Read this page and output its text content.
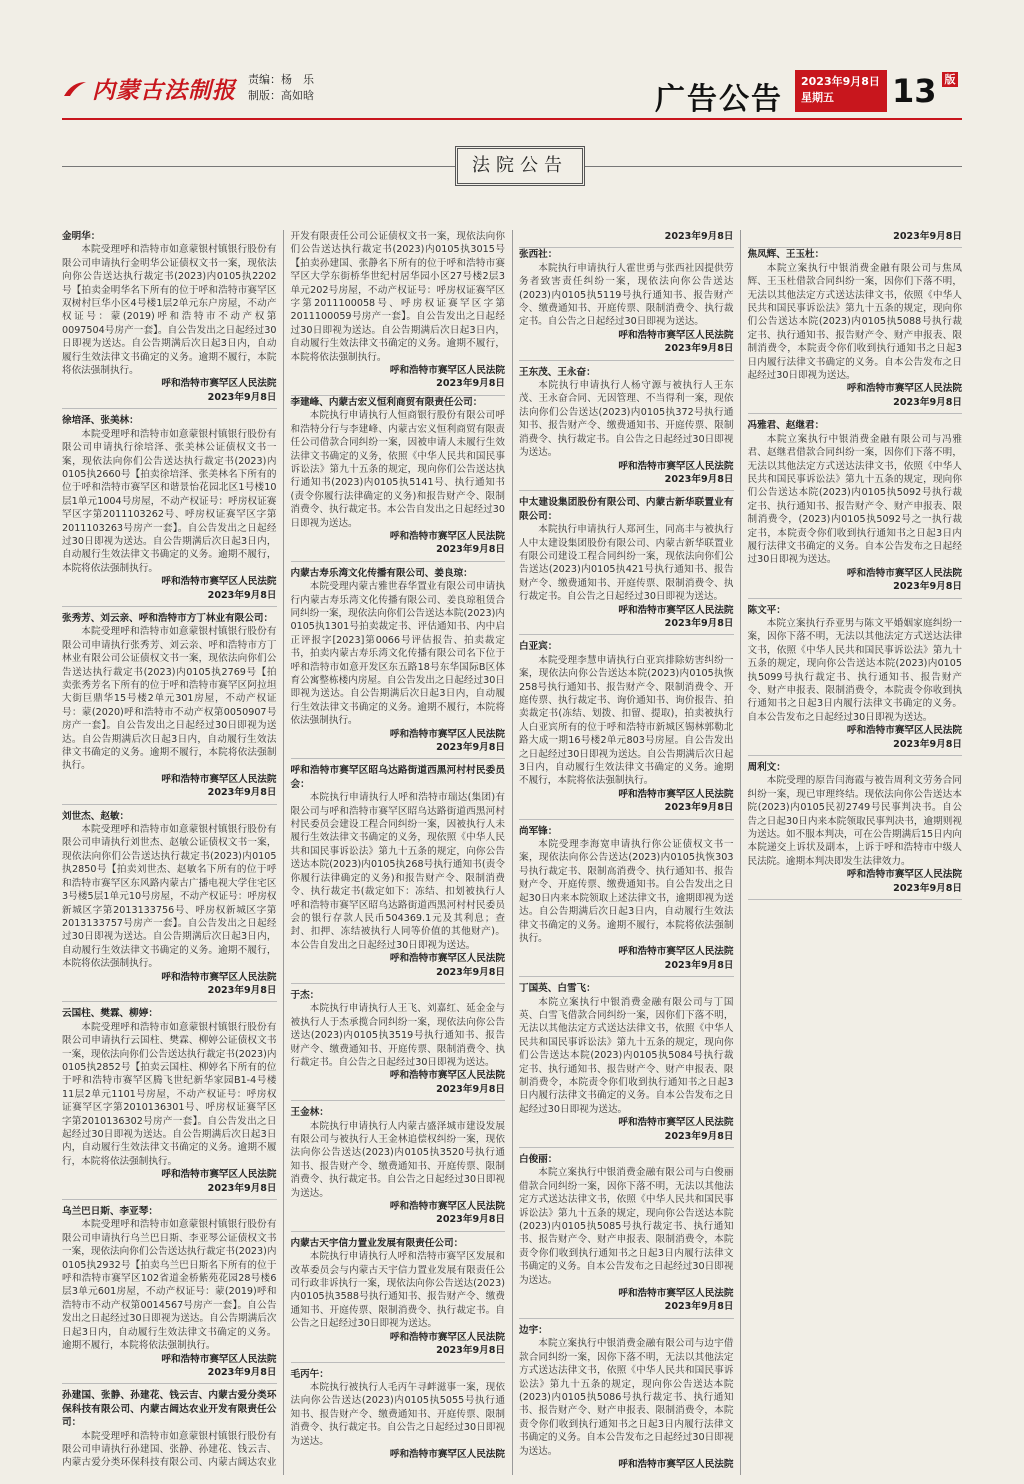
内蒙古法制报 责编：杨　乐
制版：高如晗	广告公告
2023年9月8日
星期五	13 版
法院公告
金明华：
本院受理呼和浩特市如意蒙银村镇银行股份有限公司申请执行金明华公证债权文书一案，现依法向你公告送达执行裁定书(2023)内0105执2202号【拍卖金明华名下所有的位于呼和浩特市赛罕区双树村巨华小区4号楼1层2单元东户房屋，不动产权证号：蒙(2019)呼和浩特市不动产权第0097504号房产一套】。自公告发出之日起经过30日即视为送达。自公告期满后次日起3日内，自动履行生效法律文书确定的义务。逾期不履行，本院将依法强制执行。
呼和浩特市赛罕区人民法院
2023年9月8日
徐培泽、张美林：
本院受理呼和浩特市如意蒙银村镇银行股份有限公司申请执行徐培泽、张美林公证债权文书一案，现依法向你们公告送达执行裁定书(2023)内0105执2660号【拍卖徐培泽、张美林名下所有的位于呼和浩特市赛罕区和谐景怡花园北区1号楼10层1单元1004号房屋，不动产权证号：呼房权证赛罕区字第2011103262号、呼房权证赛罕区字第2011103263号房产一套】。自公告发出之日起经过30日即视为送达。自公告期满后次日起3日内，自动履行生效法律文书确定的义务。逾期不履行，本院将依法强制执行。
呼和浩特市赛罕区人民法院
2023年9月8日
张秀芳、刘云亲、呼和浩特市方丁林业有限公司：
本院受理呼和浩特市如意蒙银村镇银行股份有限公司申请执行张秀芳、刘云亲、呼和浩特市方丁林业有限公司公证债权文书一案，现依法向你们公告送达执行裁定书(2023)内0105执2769号【拍卖张秀芳名下所有的位于呼和浩特市赛罕区阿拉坦大街巨鼎华15号楼2单元301房屋，不动产权证号：蒙(2020)呼和浩特市不动产权第0050907号房产一套】。自公告发出之日起经过30日即视为送达。自公告期满后次日起3日内，自动履行生效法律文书确定的义务。逾期不履行，本院将依法强制执行。
呼和浩特市赛罕区人民法院
2023年9月8日
刘世杰、赵敏：
本院受理呼和浩特市如意蒙银村镇银行股份有限公司申请执行刘世杰、赵敏公证债权文书一案，现依法向你们公告送达执行裁定书(2023)内0105执2850号【拍卖刘世杰、赵敏名下所有的位于呼和浩特市赛罕区东风路内蒙古广播电视大学住宅区3号楼5层1单元10号房屋，不动产权证号：呼房权新城区字第2013133756号、呼房权新城区字第2013133757号房产一套】。自公告发出之日起经过30日即视为送达。自公告期满后次日起3日内，自动履行生效法律文书确定的义务。逾期不履行，本院将依法强制执行。
呼和浩特市赛罕区人民法院
2023年9月8日
云国柱、樊霖、柳婷：
本院受理呼和浩特市如意蒙银村镇银行股份有限公司申请执行云国柱、樊霖、柳婷公证债权文书一案，现依法向你们公告送达执行裁定书(2023)内0105执2852号【拍卖云国柱、柳婷名下所有的位于呼和浩特市赛罕区腾飞世纪新华家园B1-4号楼11层2单元1101号房屋，不动产权证号：呼房权证赛罕区字第2010136301号、呼房权证赛罕区字第2010136302号房产一套】。自公告发出之日起经过30日即视为送达。自公告期满后次日起3日内，自动履行生效法律文书确定的义务。逾期不履行，本院将依法强制执行。
呼和浩特市赛罕区人民法院
2023年9月8日
乌兰巴日斯、李亚琴：
本院受理呼和浩特市如意蒙银村镇银行股份有限公司申请执行乌兰巴日斯、李亚琴公证债权文书一案，现依法向你们公告送达执行裁定书(2023)内0105执2932号【拍卖乌兰巴日斯名下所有的位于呼和浩特市赛罕区102省道金桥紫苑花园28号楼6层3单元601房屋，不动产权证号：蒙(2019)呼和浩特市不动产权第0014567号房产一套】。自公告发出之日起经过30日即视为送达。自公告期满后次日起3日内，自动履行生效法律文书确定的义务。逾期不履行，本院将依法强制执行。
呼和浩特市赛罕区人民法院
2023年9月8日
孙建国、张静、孙建花、钱云吉、内蒙古爱分类环保科技有限公司、内蒙古阔达农业开发有限责任公司：
本院受理呼和浩特市如意蒙银村镇银行股份有限公司申请执行孙建国、张静、孙建花、钱云吉、内蒙古爱分类环保科技有限公司、内蒙古阔达农业开发有限责任公司公证债权文书一案，现依法向你们公告送达执行裁定书(2023)内0105执3015号【拍卖孙建国、张静名下所有的位于呼和浩特市赛罕区大学东街桥华世纪村居华园小区27号楼2层3单元202号房屋，不动产权证号：呼房权证赛罕区字第2011100058号、呼房权证赛罕区字第2011100059号房产一套】。自公告发出之日起经过30日即视为送达。自公告期满后次日起3日内，自动履行生效法律文书确定的义务。逾期不履行，本院将依法强制执行。
呼和浩特市赛罕区人民法院
2023年9月8日
李建峰、内蒙古宏义恒利商贸有限责任公司：
本院执行申请执行人恒商银行股份有限公司呼和浩特分行与李建峰、内蒙古宏义恒利商贸有限责任公司借款合同纠纷一案，因被申请人未履行生效法律文书确定的义务，依照《中华人民共和国民事诉讼法》第九十五条的规定，现向你们公告送达执行通知书(2023)内0105执5141号、执行通知书(责令你履行法律确定的义务)和报告财产令、限制消费令、执行裁定书。本公告自发出之日起经过30日即视为送达。
呼和浩特市赛罕区人民法院
2023年9月8日
内蒙古寿乐湾文化传播有限公司、姜良琼：
本院受理内蒙古雅世春华置业有限公司申请执行内蒙古寿乐湾文化传播有限公司、姜良琼租赁合同纠纷一案，现依法向你们公告送达本院(2023)内0105执1301号拍卖裁定书、评估通知书、内中启正评报字[2023]第0066号评估报告、拍卖裁定书，拍卖内蒙古寿乐湾文化传播有限公司名下位于呼和浩特市如意开发区东五路18号东华国际B区体育公寓整栋楼内房屋。自公告发出之日起经过30日即视为送达。自公告期满后次日起3日内，自动履行生效法律文书确定的义务。逾期不履行，本院将依法强制执行。
呼和浩特市赛罕区人民法院
2023年9月8日
呼和浩特市赛罕区昭乌达路街道西黑河村村民委员会：
本院执行申请执行人呼和浩特市瑞达(集团)有限公司与呼和浩特市赛罕区昭乌达路街道西黑河村村民委员会建设工程合同纠纷一案，因被执行人未履行生效法律文书确定的义务，现依照《中华人民共和国民事诉讼法》第九十五条的规定，向你公告送达本院(2023)内0105执268号执行通知书(责令你履行法律确定的义务)和报告财产令、限制消费令、执行裁定书(裁定如下：冻结、扣划被执行人呼和浩特市赛罕区昭乌达路街道西黑河村村民委员会的银行存款人民币504369.1元及其利息；查封、扣押、冻结被执行人同等价值的其他财产)。本公告自发出之日起经过30日即视为送达。
呼和浩特市赛罕区人民法院
2023年9月8日
于杰：
本院执行申请执行人王飞、刘嘉红、延金金与被执行人于杰承揽合同纠纷一案，现依法向你公告送达(2023)内0105执3519号执行通知书、报告财产令、缴费通知书、开庭传票、限制消费令、执行裁定书。自公告之日起经过30日即视为送达。
呼和浩特市赛罕区人民法院
2023年9月8日
王金林：
本院执行申请执行人内蒙古盛泽城市建设发展有限公司与被执行人王金林追偿权纠纷一案，现依法向你公告送达(2023)内0105执3520号执行通知书、报告财产令、缴费通知书、开庭传票、限制消费令、执行裁定书。自公告之日起经过30日即视为送达。
呼和浩特市赛罕区人民法院
2023年9月8日
内蒙古天宇信力置业发展有限责任公司：
本院执行申请执行人呼和浩特市赛罕区发展和改革委员会与内蒙古天宇信力置业发展有限责任公司行政非诉执行一案，现依法向你公告送达(2023)内0105执3588号执行通知书、报告财产令、缴费通知书、开庭传票、限制消费令、执行裁定书。自公告之日起经过30日即视为送达。
呼和浩特市赛罕区人民法院
2023年9月8日
毛丙午：
本院执行被执行人毛丙午寻衅滋事一案，现依法向你公告送达(2023)内0105执5055号执行通知书、报告财产令、缴费通知书、开庭传票、限制消费令、执行裁定书。自公告之日起经过30日即视为送达。
呼和浩特市赛罕区人民法院
2023年9月8日
张西社：
本院执行申请执行人霍世勇与张西社因提供劳务者致害责任纠纷一案，现依法向你公告送达(2023)内0105执5119号执行通知书、报告财产令、缴费通知书、开庭传票、限制消费令、执行裁定书。自公告之日起经过30日即视为送达。
呼和浩特市赛罕区人民法院
2023年9月8日
王东茂、王永奋：
本院执行申请执行人杨守源与被执行人王东茂、王永奋合同、无因管理、不当得利一案，现依法向你们公告送达(2023)内0105执372号执行通知书、报告财产令、缴费通知书、开庭传票、限制消费令、执行裁定书。自公告之日起经过30日即视为送达。
呼和浩特市赛罕区人民法院
2023年9月8日
中太建设集团股份有限公司、内蒙古新华联置业有限公司：
本院执行申请执行人郑河生，同高丰与被执行人中太建设集团股份有限公司、内蒙古新华联置业有限公司建设工程合同纠纷一案，现依法向你们公告送达(2023)内0105执421号执行通知书、报告财产令、缴费通知书、开庭传票、限制消费令、执行裁定书。自公告之日起经过30日即视为送达。
呼和浩特市赛罕区人民法院
2023年9月8日
白亚宾：
本院受理李慧申请执行白亚宾排除妨害纠纷一案，现依法向你公告送达本院(2023)内0105执恢258号执行通知书、报告财产令、限制消费令、开庭传票、执行裁定书、询价通知书、询价报告、拍卖裁定书(冻结、划拨、扣留、提取)，拍卖被执行人白亚宾所有的位于呼和浩特市新城区锡林郭勒北路大成一期16号楼2单元803号房屋。自公告发出之日起经过30日即视为送达。自公告期满后次日起3日内，自动履行生效法律文书确定的义务。逾期不履行，本院将依法强制执行。
呼和浩特市赛罕区人民法院
2023年9月8日
尚军锋：
本院受理李海宽申请执行你公证债权文书一案，现依法向你公告送达(2023)内0105执恢303号执行裁定书、限制高消费令、执行通知书、报告财产令、开庭传票、缴费通知书。自公告发出之日起30日内来本院领取上述法律文书，逾期即视为送达。自公告期满后次日起3日内，自动履行生效法律文书确定的义务。逾期不履行，本院将依法强制执行。
呼和浩特市赛罕区人民法院
2023年9月8日
丁国英、白雪飞：
本院立案执行中银消费金融有限公司与丁国英、白雪飞借款合同纠纷一案，因你们下落不明，无法以其他法定方式送达法律文书，依照《中华人民共和国民事诉讼法》第九十五条的规定，现向你们公告送达本院(2023)内0105执5084号执行裁定书、执行通知书、报告财产令、财产申报表、限制消费令，本院责令你们收到执行通知书之日起3日内履行法律文书确定的义务。自本公告发布之日起经过30日即视为送达。
呼和浩特市赛罕区人民法院
2023年9月8日
白俊丽：
本院立案执行中银消费金融有限公司与白俊丽借款合同纠纷一案，因你下落不明，无法以其他法定方式送达法律文书，依照《中华人民共和国民事诉讼法》第九十五条的规定，现向你公告送达本院(2023)内0105执5085号执行裁定书、执行通知书、报告财产令、财产申报表、限制消费令，本院责令你们收到执行通知书之日起3日内履行法律文书确定的义务。自本公告发布之日起经过30日即视为送达。
呼和浩特市赛罕区人民法院
2023年9月8日
边宇：
本院立案执行中银消费金融有限公司与边宇借款合同纠纷一案，因你下落不明，无法以其他法定方式送达法律文书，依照《中华人民共和国民事诉讼法》第九十五条的规定，现向你公告送达本院(2023)内0105执5086号执行裁定书、执行通知书、报告财产令、财产申报表、限制消费令，本院责令你们收到执行通知书之日起3日内履行法律文书确定的义务。自本公告发布之日起经过30日即视为送达。
呼和浩特市赛罕区人民法院
2023年9月8日
焦凤辉、王玉杜：
本院立案执行中银消费金融有限公司与焦凤辉、王玉杜借款合同纠纷一案，因你们下落不明，无法以其他法定方式送达法律文书，依照《中华人民共和国民事诉讼法》第九十五条的规定，现向你们公告送达本院(2023)内0105执5088号执行裁定书、执行通知书、报告财产令、财产申报表、限制消费令，本院责令你们收到执行通知书之日起3日内履行法律文书确定的义务。自本公告发布之日起经过30日即视为送达。
呼和浩特市赛罕区人民法院
2023年9月8日
冯雅君、赵继君：
本院立案执行中银消费金融有限公司与冯雅君、赵继君借款合同纠纷一案，因你们下落不明，无法以其他法定方式送达法律文书，依照《中华人民共和国民事诉讼法》第九十五条的规定，现向你们公告送达本院(2023)内0105执5092号执行裁定书、执行通知书、报告财产令、财产申报表、限制消费令，(2023)内0105执5092号之一执行裁定书，本院责令你们收到执行通知书之日起3日内履行法律文书确定的义务。自本公告发布之日起经过30日即视为送达。
呼和浩特市赛罕区人民法院
2023年9月8日
陈文平：
本院立案执行乔亚男与陈文平婚姻家庭纠纷一案，因你下落不明，无法以其他法定方式送达法律文书，依照《中华人民共和国民事诉讼法》第九十五条的规定，现向你公告送达本院(2023)内0105执5099号执行裁定书、执行通知书、报告财产令、财产申报表、限制消费令，本院责令你收到执行通知书之日起3日内履行法律文书确定的义务。自本公告发布之日起经过30日即视为送达。
呼和浩特市赛罕区人民法院
2023年9月8日
周利文：
本院受理的原告闫海霞与被告周利文劳务合同纠纷一案，现已审理终结。现依法向你公告送达本院(2023)内0105民初2749号民事判决书。自公告之日起30日内来本院领取民事判决书，逾期则视为送达。如不服本判决，可在公告期满后15日内向本院递交上诉状及副本，上诉于呼和浩特市中级人民法院。逾期本判决即发生法律效力。
呼和浩特市赛罕区人民法院
2023年9月8日
